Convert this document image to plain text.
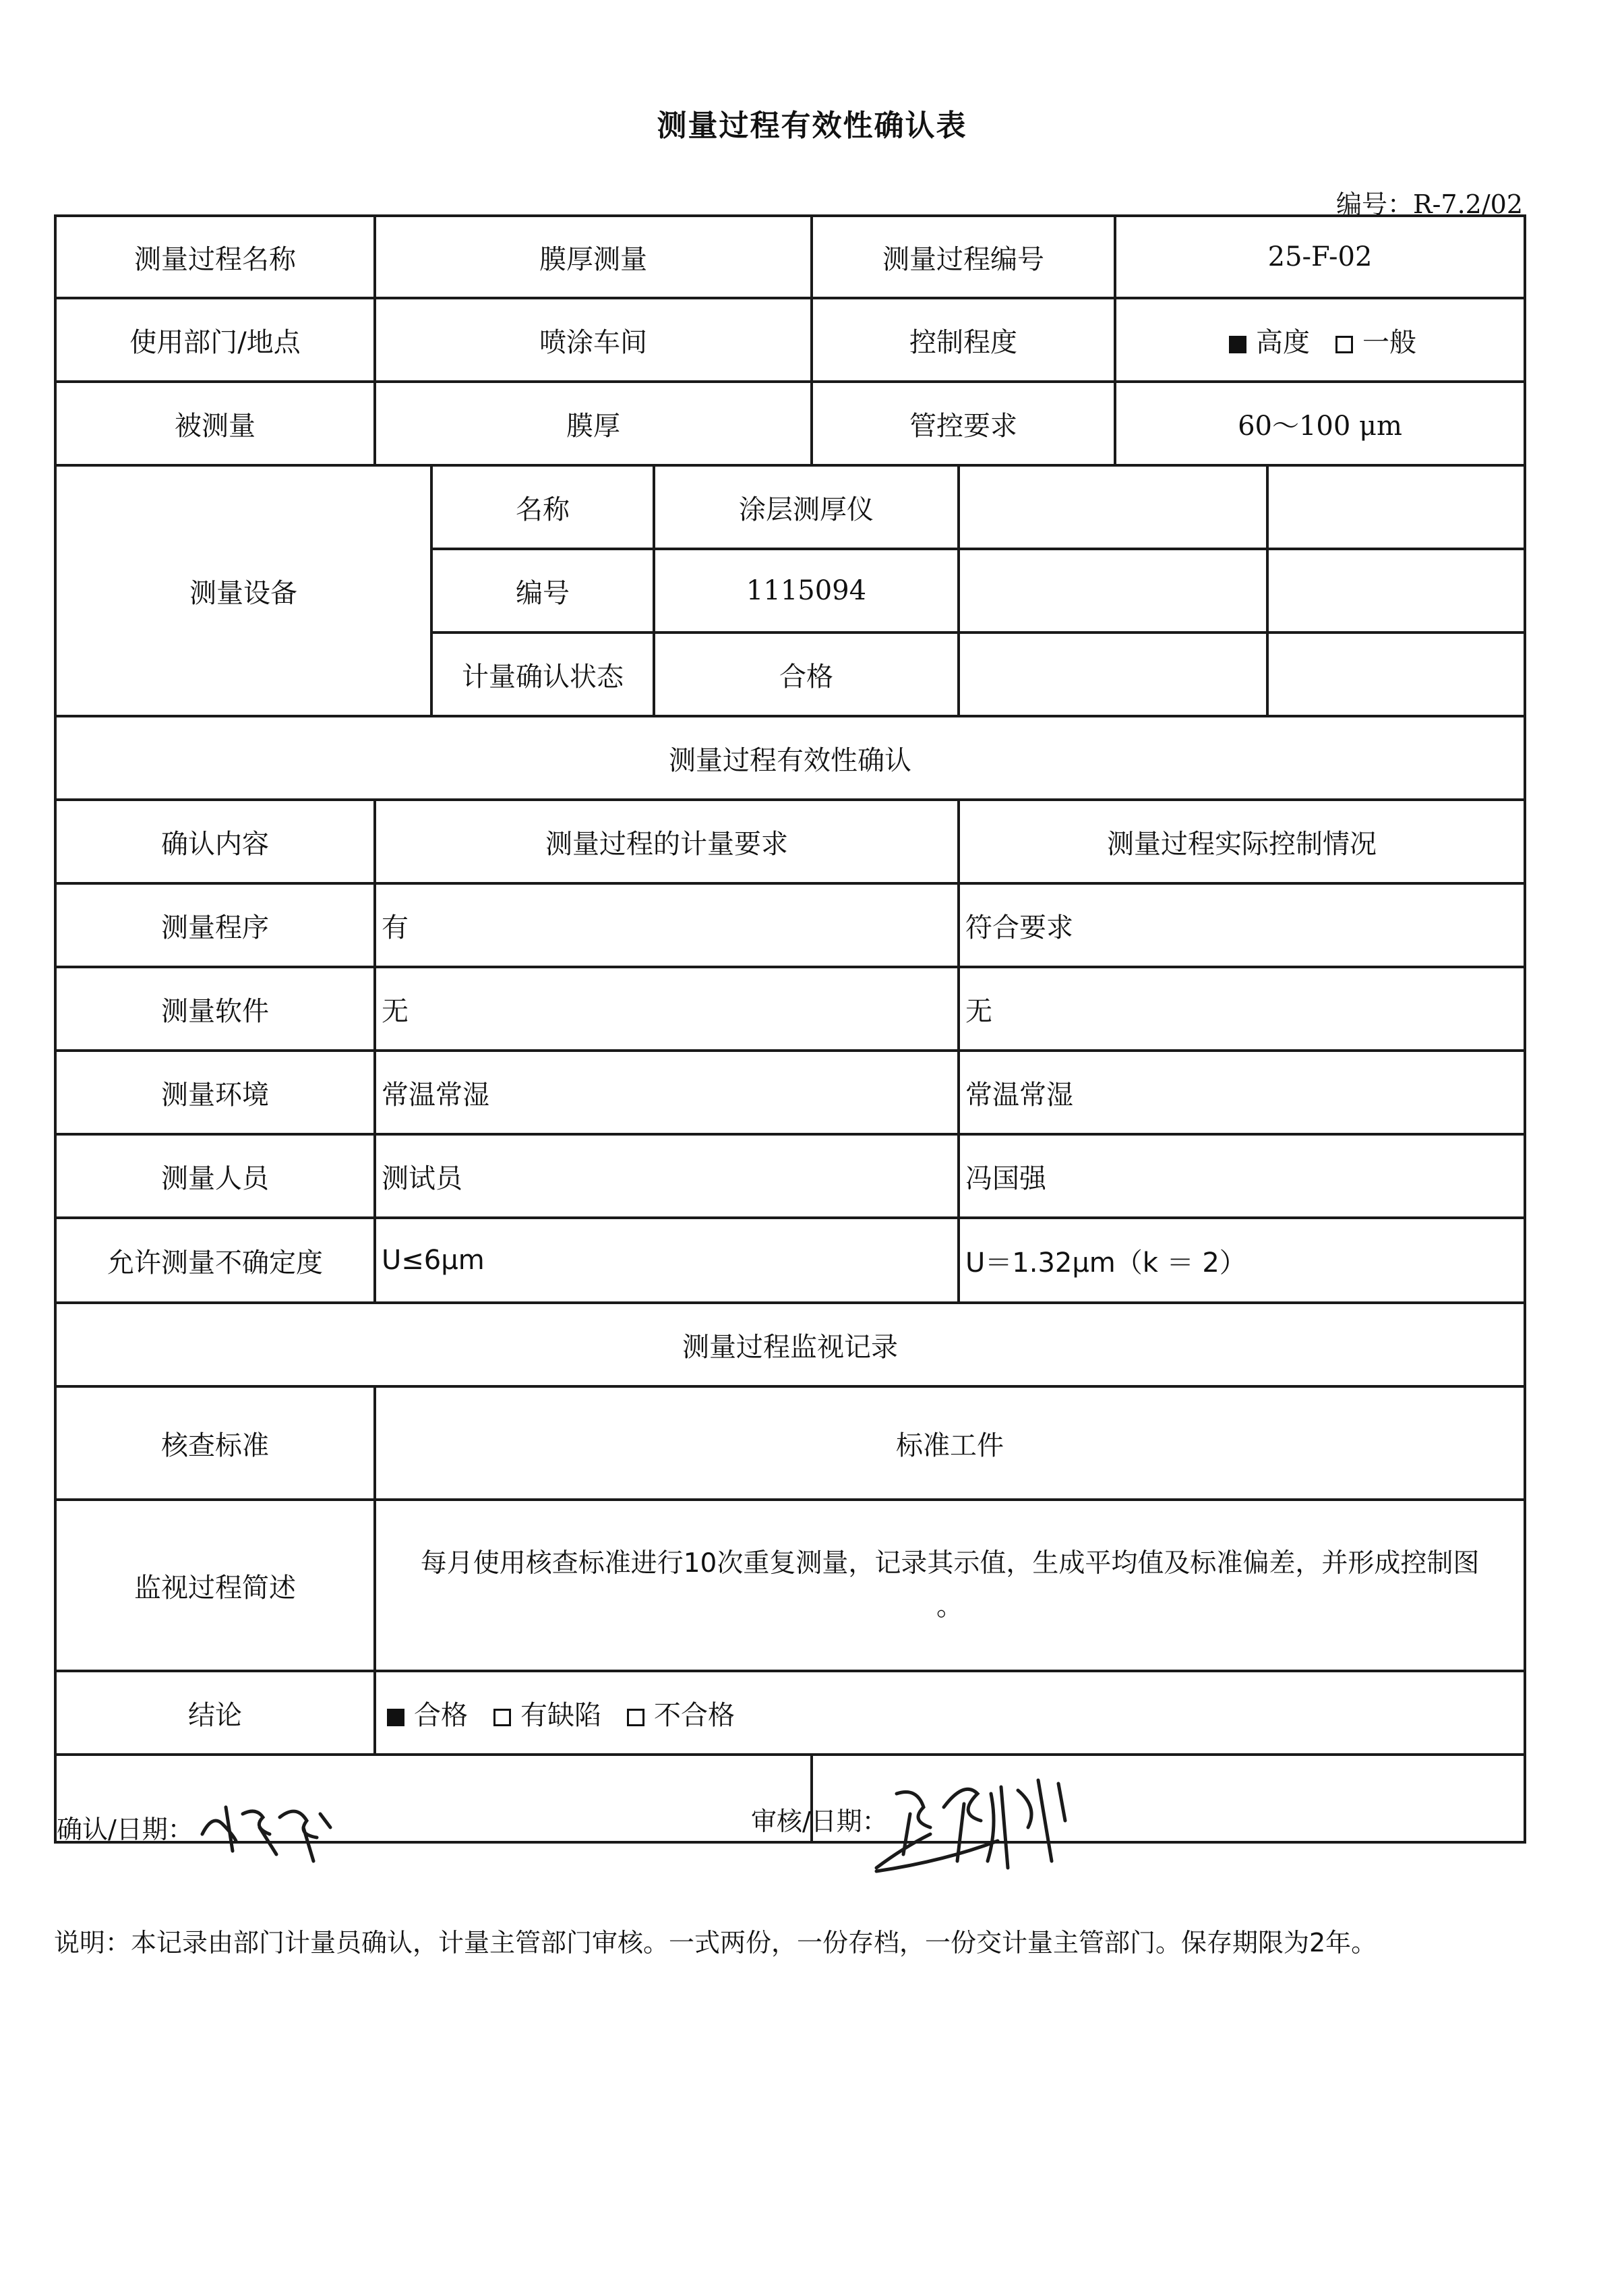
测量过程有效性确认表
编号：R-7.2/02
测量过程名称	膜厚测量			测量过程编号		25-F-02	
使用部门/地点	喷涂车间			控制程度		高度 一般	
被测量	膜厚			管控要求		60～100 μm	
测量设备		名称	涂层测厚仪				
		编号	1115094				
		计量确认状态	合格				
测量过程有效性确认							
确认内容	测量过程的计量要求				测量过程实际控制情况		
测量程序	有				符合要求		
测量软件	无				无		
测量环境	常温常湿				常温常湿		
测量人员	测试员				冯国强		
允许测量不确定度	U≤6μm				U＝1.32μm（k ＝ 2）		
测量过程监视记录							
核查标准	标准工件						
监视过程简述	每月使用核查标准进行10次重复测量，记录其示值，生成平均值及标准偏差，并形成控制图
。						

结论	合格 有缺陷 不合格						

确认/日期：	审核/日期：
说明：本记录由部门计量员确认，计量主管部门审核。一式两份，一份存档，一份交计量主管部门。保存期限为2年。
